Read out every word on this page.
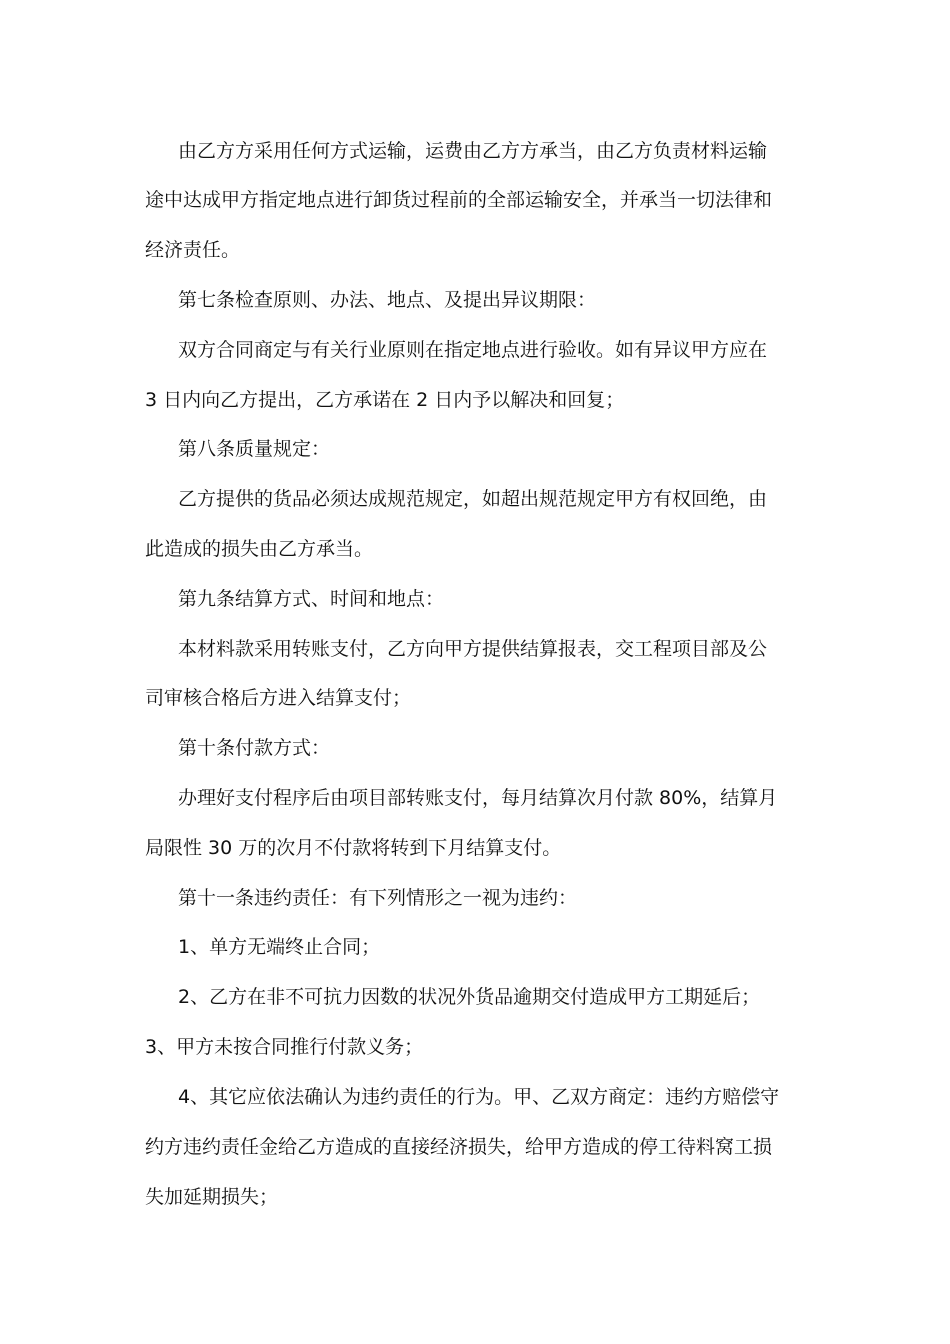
由乙方方采用任何方式运输，运费由乙方方承当，由乙方负责材料运输
途中达成甲方指定地点进行卸货过程前的全部运输安全，并承当一切法律和
经济责任。
第七条检查原则、办法、地点、及提出异议期限：
双方合同商定与有关行业原则在指定地点进行验收。如有异议甲方应在
3 日内向乙方提出，乙方承诺在 2 日内予以解决和回复；
第八条质量规定：
乙方提供的货品必须达成规范规定，如超出规范规定甲方有权回绝，由
此造成的损失由乙方承当。
第九条结算方式、时间和地点：
本材料款采用转账支付，乙方向甲方提供结算报表，交工程项目部及公
司审核合格后方进入结算支付；
第十条付款方式：
办理好支付程序后由项目部转账支付，每月结算次月付款 80%，结算月
局限性 30 万的次月不付款将转到下月结算支付。
第十一条违约责任：有下列情形之一视为违约：
1、单方无端终止合同；
2、乙方在非不可抗力因数的状况外货品逾期交付造成甲方工期延后；
3、甲方未按合同推行付款义务；
4、其它应依法确认为违约责任的行为。甲、乙双方商定：违约方赔偿守
约方违约责任金给乙方造成的直接经济损失，给甲方造成的停工待料窝工损
失加延期损失；
